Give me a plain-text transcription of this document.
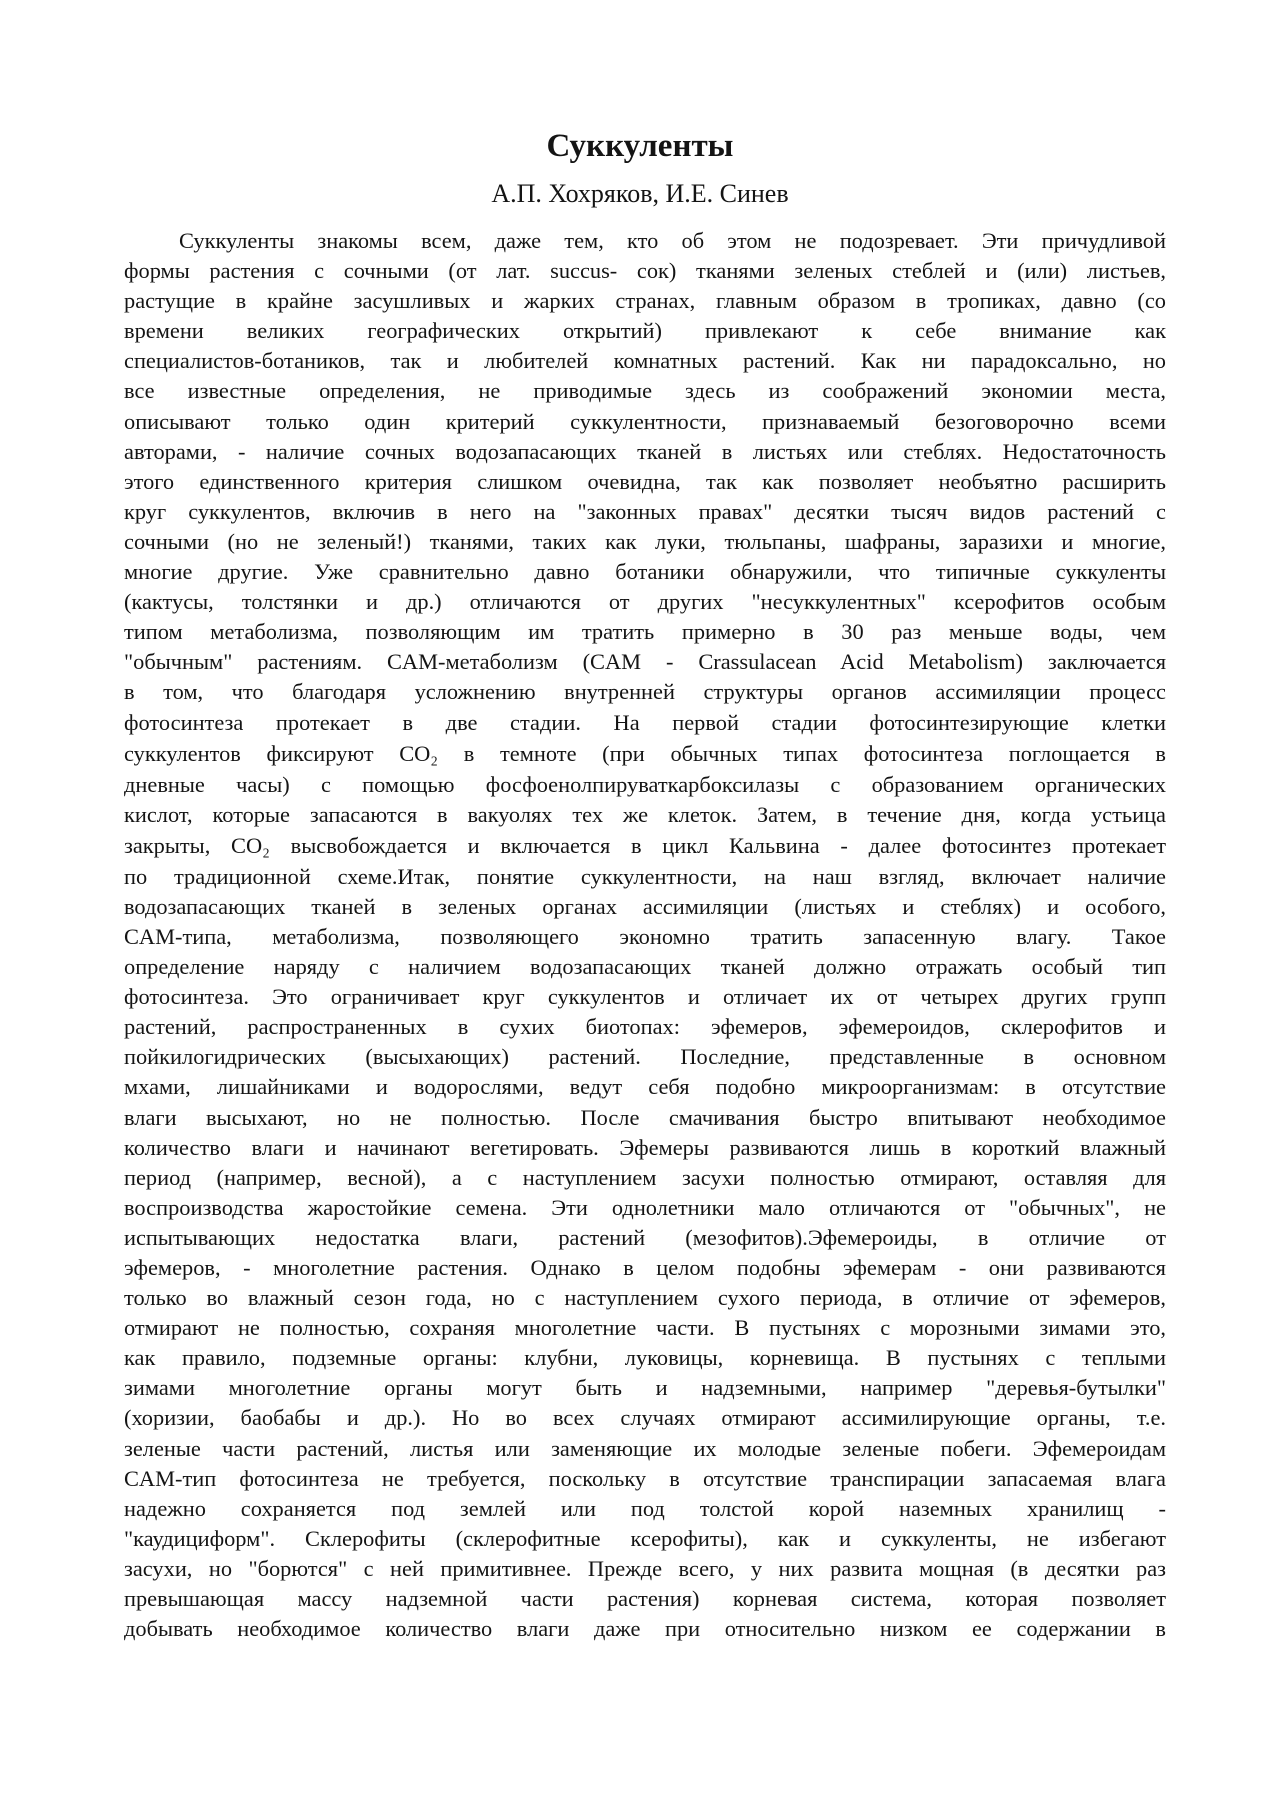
Суккуленты
А.П. Хохряков, И.Е. Синев
Суккуленты знакомы всем, даже тем, кто об этом не подозревает. Эти причудливой
формы растения с сочными (от лат. succus- сок) тканями зеленых стеблей и (или) листьев,
растущие в крайне засушливых и жарких странах, главным образом в тропиках, давно (со
времени великих географических открытий) привлекают к себе внимание как
специалистов-ботаников, так и любителей комнатных растений. Как ни парадоксально, но
все известные определения, не приводимые здесь из соображений экономии места,
описывают только один критерий суккулентности, признаваемый безоговорочно всеми
авторами, - наличие сочных водозапасающих тканей в листьях или стеблях. Недостаточность
этого единственного критерия слишком очевидна, так как позволяет необъятно расширить
круг суккулентов, включив в него на "законных правах" десятки тысяч видов растений с
сочными (но не зеленый!) тканями, таких как луки, тюльпаны, шафраны, заразихи и многие,
многие другие. Уже сравнительно давно ботаники обнаружили, что типичные суккуленты
(кактусы, толстянки и др.) отличаются от других "несуккулентных" ксерофитов особым
типом метаболизма, позволяющим им тратить примерно в 30 раз меньше воды, чем
"обычным" растениям. CAM-метаболизм (CAM - Crassulacean Acid Metabolism) заключается
в том, что благодаря усложнению внутренней структуры органов ассимиляции процесс
фотосинтеза протекает в две стадии. На первой стадии фотосинтезирующие клетки
суккулентов фиксируют CO₂ в темноте (при обычных типах фотосинтеза поглощается в
дневные часы) с помощью фосфоенолпируваткарбоксилазы с образованием органических
кислот, которые запасаются в вакуолях тех же клеток. Затем, в течение дня, когда устьица
закрыты, CO₂ высвобождается и включается в цикл Кальвина - далее фотосинтез протекает
по традиционной схеме.Итак, понятие суккулентности, на наш взгляд, включает наличие
водозапасающих тканей в зеленых органах ассимиляции (листьях и стеблях) и особого,
CAM-типа, метаболизма, позволяющего экономно тратить запасенную влагу. Такое
определение наряду с наличием водозапасающих тканей должно отражать особый тип
фотосинтеза. Это ограничивает круг суккулентов и отличает их от четырех других групп
растений, распространенных в сухих биотопах: эфемеров, эфемероидов, склерофитов и
пойкилогидрических (высыхающих) растений. Последние, представленные в основном
мхами, лишайниками и водорослями, ведут себя подобно микроорганизмам: в отсутствие
влаги высыхают, но не полностью. После смачивания быстро впитывают необходимое
количество влаги и начинают вегетировать. Эфемеры развиваются лишь в короткий влажный
период (например, весной), а с наступлением засухи полностью отмирают, оставляя для
воспроизводства жаростойкие семена. Эти однолетники мало отличаются от "обычных", не
испытывающих недостатка влаги, растений (мезофитов).Эфемероиды, в отличие от
эфемеров, - многолетние растения. Однако в целом подобны эфемерам - они развиваются
только во влажный сезон года, но с наступлением сухого периода, в отличие от эфемеров,
отмирают не полностью, сохраняя многолетние части. В пустынях с морозными зимами это,
как правило, подземные органы: клубни, луковицы, корневища. В пустынях с теплыми
зимами многолетние органы могут быть и надземными, например "деревья-бутылки"
(хоризии, баобабы и др.). Но во всех случаях отмирают ассимилирующие органы, т.е.
зеленые части растений, листья или заменяющие их молодые зеленые побеги. Эфемероидам
CAM-тип фотосинтеза не требуется, поскольку в отсутствие транспирации запасаемая влага
надежно сохраняется под землей или под толстой корой наземных хранилищ -
"каудициформ". Склерофиты (склерофитные ксерофиты), как и суккуленты, не избегают
засухи, но "борются" с ней примитивнее. Прежде всего, у них развита мощная (в десятки раз
превышающая массу надземной части растения) корневая система, которая позволяет
добывать необходимое количество влаги даже при относительно низком ее содержании в
